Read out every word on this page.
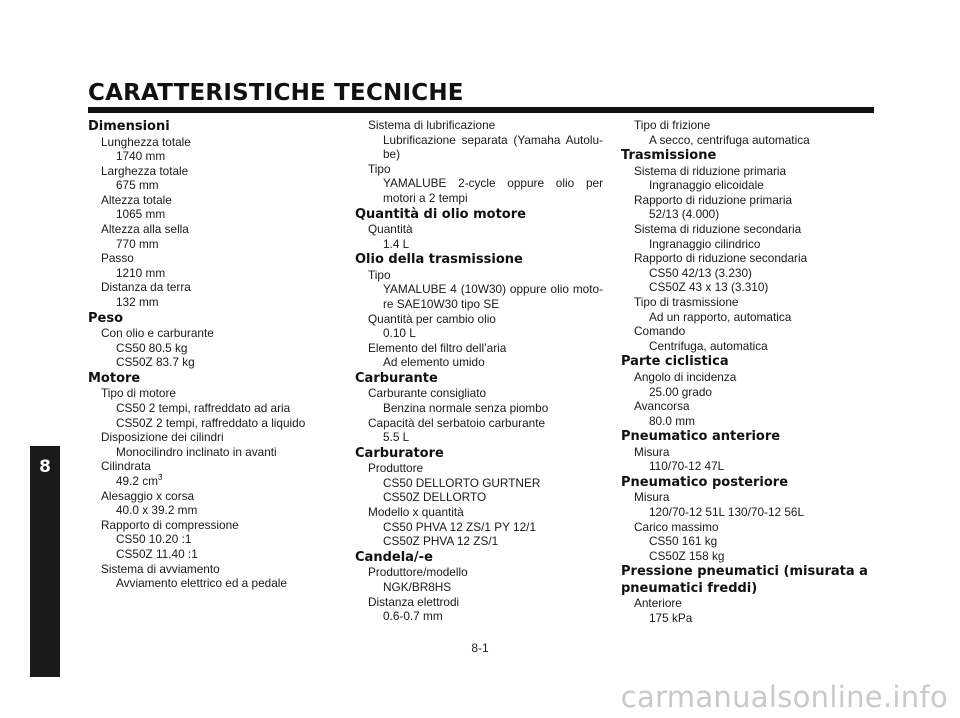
CARATTERISTICHE TECNICHE
Dimensioni
Lunghezza totale
1740 mm
Larghezza totale
675 mm
Altezza totale
1065 mm
Altezza alla sella
770 mm
Passo
1210 mm
Distanza da terra
132 mm
Peso
Con olio e carburante
CS50 80.5 kg
CS50Z 83.7 kg
Motore
Tipo di motore
CS50 2 tempi, raffreddato ad aria
CS50Z 2 tempi, raffreddato a liquido
Disposizione dei cilindri
Monocilindro inclinato in avanti
Cilindrata
49.2 $cm^3$
Alesaggio x corsa
40.0 x 39.2 mm
Rapporto di compressione
CS50 10.20 :1
CS50Z 11.40 :1
Sistema di avviamento
Avviamento elettrico ed a pedale
Sistema di lubrificazione
Lubrificazione separata (Yamaha Autolu-be)
Tipo
YAMALUBE 2-cycle oppure olio per motori a 2 tempi
Quantità di olio motore
Quantità
1.4 L
Olio della trasmissione
Tipo
YAMALUBE 4 (10W30) oppure olio moto-re SAE10W30 tipo SE
Quantità per cambio olio
0.10 L
Elemento del filtro dell’aria
Ad elemento umido
Carburante
Carburante consigliato
Benzina normale senza piombo
Capacità del serbatoio carburante
5.5 L
Carburatore
Produttore
CS50 DELLORTO GURTNER
CS50Z DELLORTO
Modello x quantità
CS50 PHVA 12 ZS/1 PY 12/1
CS50Z PHVA 12 ZS/1
Candela/-e
Produttore/modello
NGK/BR8HS
Distanza elettrodi
0.6-0.7 mm
Tipo di frizione
A secco, centrifuga automatica
Trasmissione
Sistema di riduzione primaria
Ingranaggio elicoidale
Rapporto di riduzione primaria
52/13 (4.000)
Sistema di riduzione secondaria
Ingranaggio cilindrico
Rapporto di riduzione secondaria
CS50 42/13 (3.230)
CS50Z 43 x 13 (3.310)
Tipo di trasmissione
Ad un rapporto, automatica
Comando
Centrifuga, automatica
Parte ciclistica
Angolo di incidenza
25.00 grado
Avancorsa
80.0 mm
Pneumatico anteriore
Misura
110/70-12 47L
Pneumatico posteriore
Misura
120/70-12 51L 130/70-12 56L
Carico massimo
CS50 161 kg
CS50Z 158 kg
Pressione pneumatici (misurata a
pneumatici freddi)
Anteriore
175 kPa
8
8-1
carmanualsonline.info
